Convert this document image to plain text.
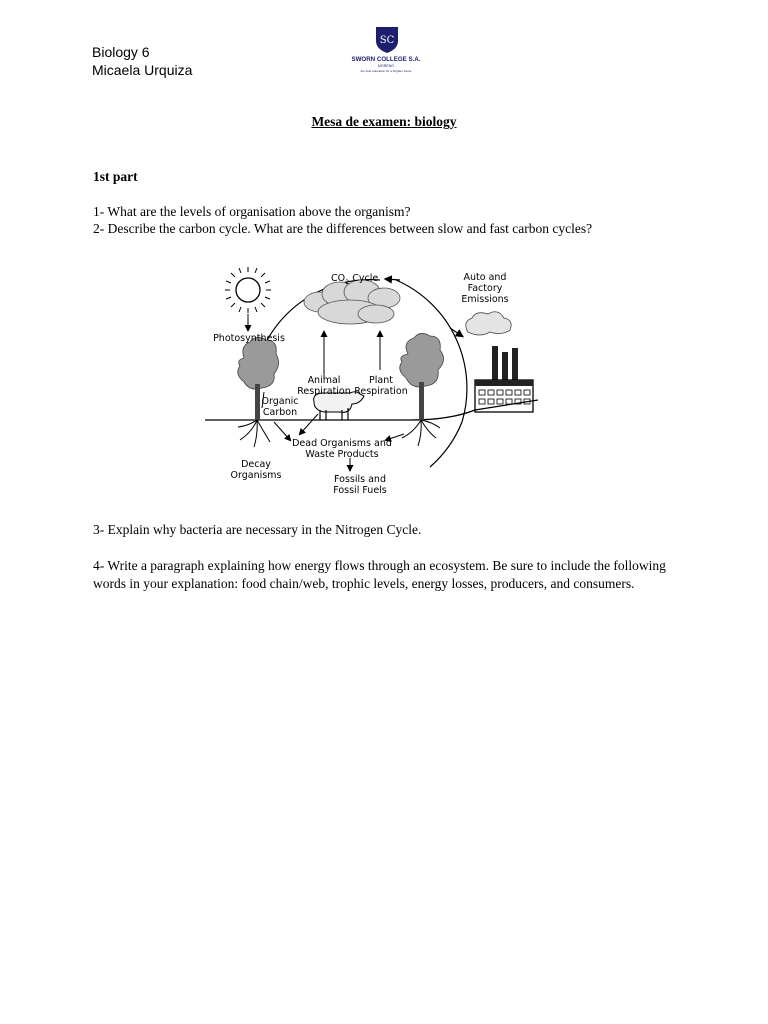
Biology 6
Micaela Urquiza
SC
SWORN COLLEGE S.A.
MORENO
the best education for a brighter future
Mesa de examen: biology
1st part
1- What are the levels of organisation above the organism?
2- Describe the carbon cycle. What are the differences between slow and fast carbon cycles?
$CO_2$ Cycle	Auto and
Factory
Emissions
Photosynthesis
Animal
Respiration
Plant
Respiration
Organic
Carbon
Dead Organisms and
Waste Products
Decay
Organisms	Fossils and
Fossil Fuels
3- Explain why bacteria are necessary in the Nitrogen Cycle.
4- Write a paragraph explaining how energy flows through an ecosystem. Be sure to include the following words in your explanation: food chain/web, trophic levels, energy losses, producers, and consumers.
